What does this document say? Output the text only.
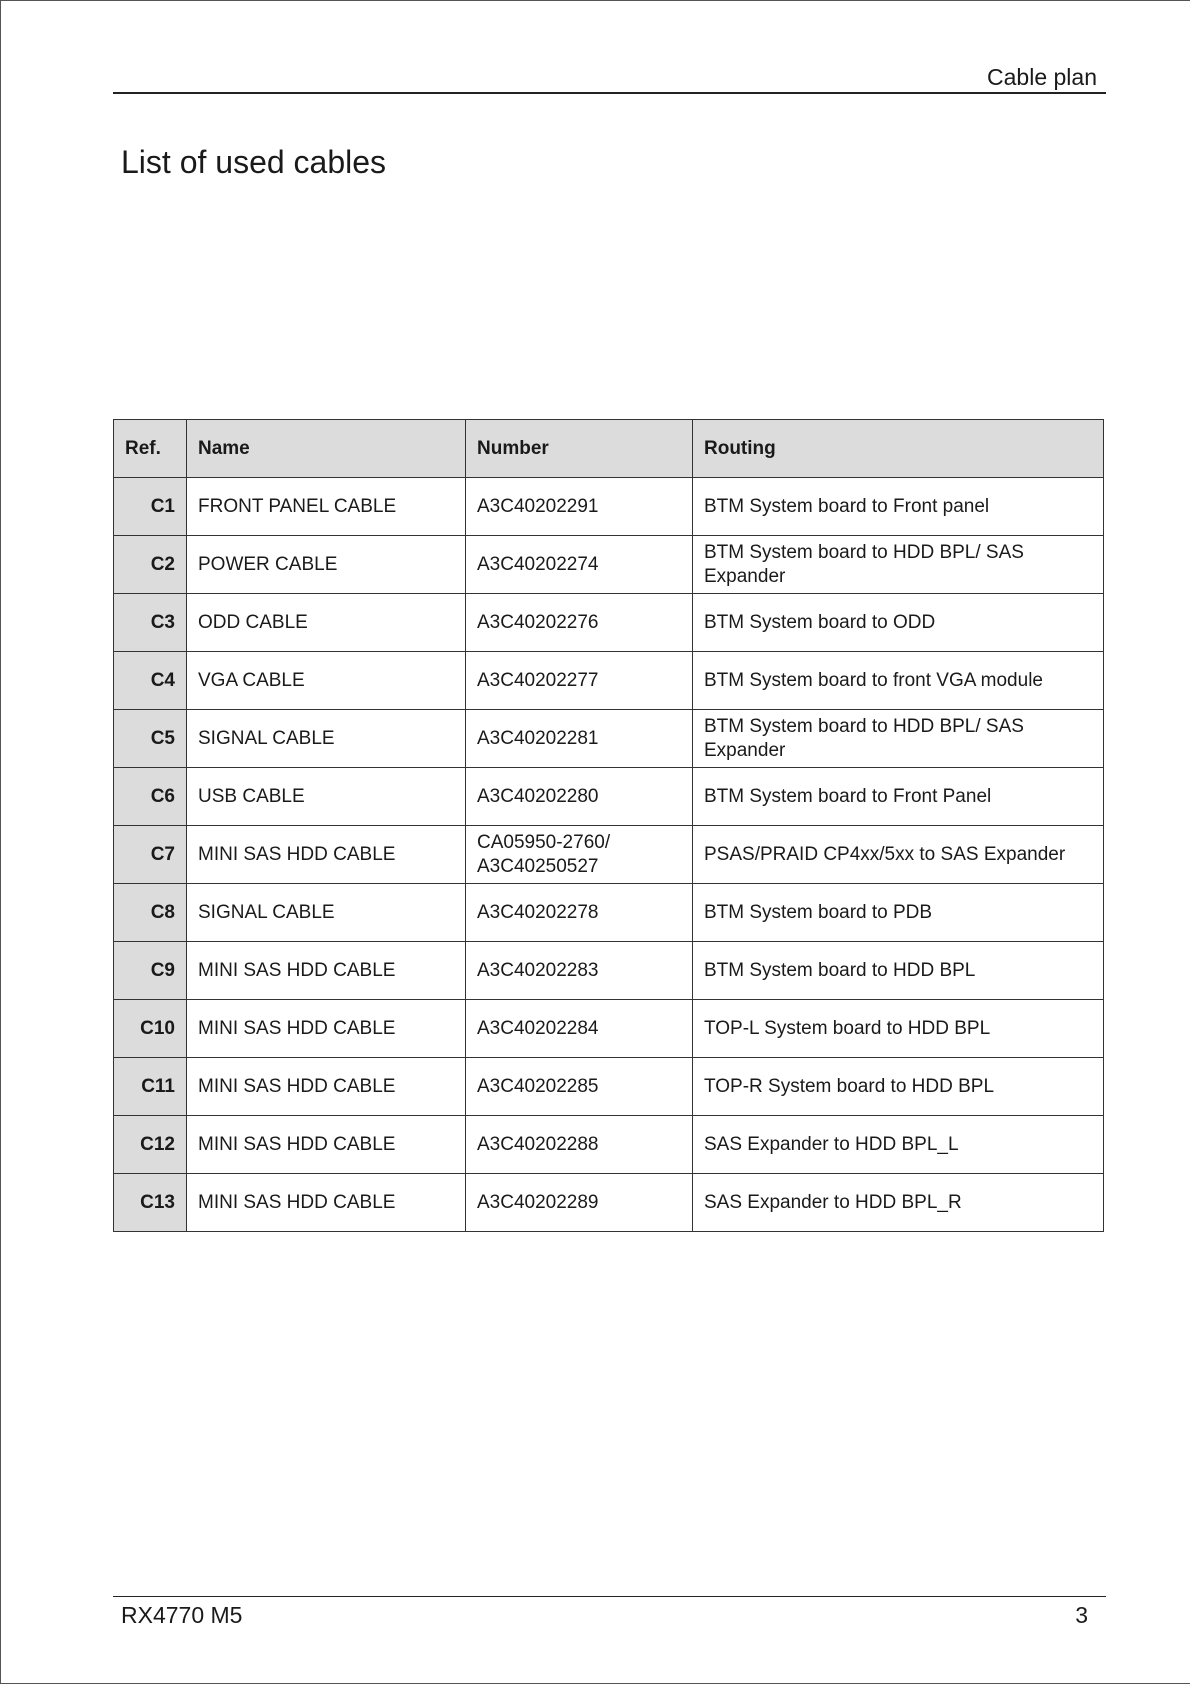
Cable plan
List of used cables
Ref.	Name	Number	Routing
C1	FRONT PANEL CABLE	A3C40202291	BTM System board to Front panel
C2	POWER CABLE	A3C40202274	BTM System board to HDD BPL/ SAS Expander
C3	ODD CABLE	A3C40202276	BTM System board to ODD
C4	VGA CABLE	A3C40202277	BTM System board to front VGA module
C5	SIGNAL CABLE	A3C40202281	BTM System board to HDD BPL/ SAS Expander
C6	USB CABLE	A3C40202280	BTM System board to Front Panel
C7	MINI SAS HDD CABLE	CA05950-2760/ A3C40250527	PSAS/PRAID CP4xx/5xx to SAS Expander
C8	SIGNAL CABLE	A3C40202278	BTM System board to PDB
C9	MINI SAS HDD CABLE	A3C40202283	BTM System board to HDD BPL
C10	MINI SAS HDD CABLE	A3C40202284	TOP-L System board to HDD BPL
C11	MINI SAS HDD CABLE	A3C40202285	TOP-R System board to HDD BPL
C12	MINI SAS HDD CABLE	A3C40202288	SAS Expander to HDD BPL_L
C13	MINI SAS HDD CABLE	A3C40202289	SAS Expander to HDD BPL_R
RX4770 M5	3
